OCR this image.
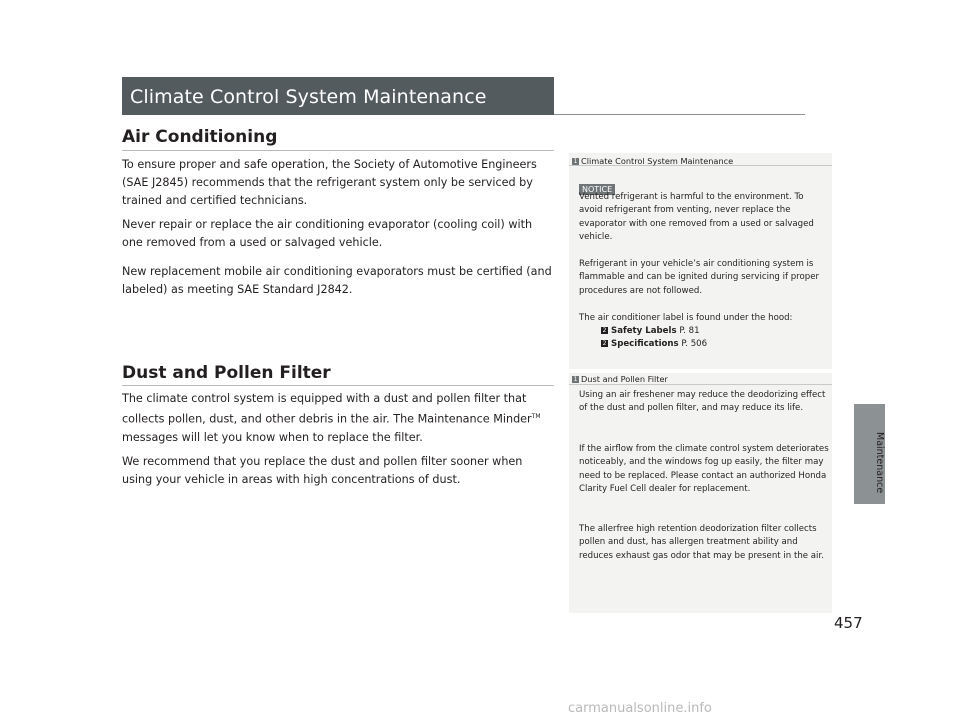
Climate Control System Maintenance
Air Conditioning
To ensure proper and safe operation, the Society of Automotive Engineers (SAE J2845) recommends that the refrigerant system only be serviced by trained and certified technicians.
Never repair or replace the air conditioning evaporator (cooling coil) with one removed from a used or salvaged vehicle.
New replacement mobile air conditioning evaporators must be certified (and labeled) as meeting SAE Standard J2842.
Dust and Pollen Filter
The climate control system is equipped with a dust and pollen filter that collects pollen, dust, and other debris in the air. The Maintenance Minder™ messages will let you know when to replace the filter.
We recommend that you replace the dust and pollen filter sooner when using your vehicle in areas with high concentrations of dust.
1 Climate Control System Maintenance
NOTICE
Vented refrigerant is harmful to the environment. To avoid refrigerant from venting, never replace the evaporator with one removed from a used or salvaged vehicle.
Refrigerant in your vehicle’s air conditioning system is flammable and can be ignited during servicing if proper procedures are not followed.
The air conditioner label is found under the hood:
2 Safety Labels P. 81
2 Specifications P. 506
1 Dust and Pollen Filter
Using an air freshener may reduce the deodorizing effect of the dust and pollen filter, and may reduce its life.
If the airflow from the climate control system deteriorates noticeably, and the windows fog up easily, the filter may need to be replaced. Please contact an authorized Honda Clarity Fuel Cell dealer for replacement.
The allerfree high retention deodorization filter collects pollen and dust, has allergen treatment ability and reduces exhaust gas odor that may be present in the air.
Maintenance
457
carmanualsonline.info
